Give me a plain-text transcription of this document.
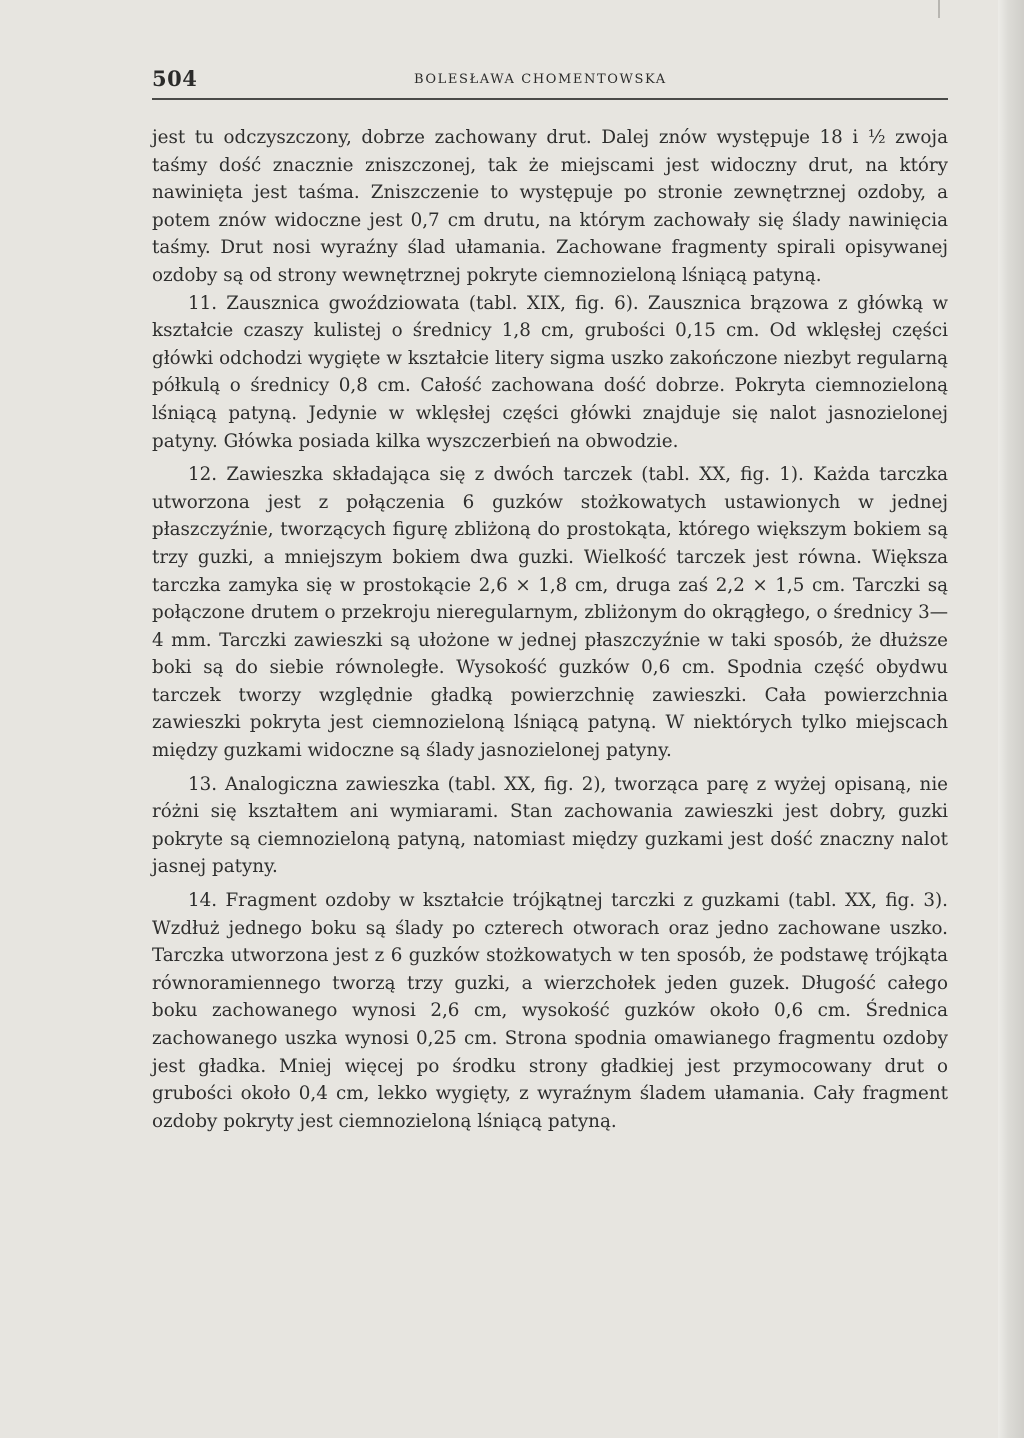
504	BOLESŁAWA CHOMENTOWSKA

jest tu odczyszczony, dobrze zachowany drut. Dalej znów występuje 18 i ½ zwoja taśmy dość znacznie zniszczonej, tak że miejscami jest widoczny drut, na który nawinięta jest taśma. Zniszczenie to występuje po stronie zewnętrznej ozdoby, a potem znów widoczne jest 0,7 cm drutu, na którym zachowały się ślady nawinięcia taśmy. Drut nosi wyraźny ślad ułamania. Zachowane fragmenty spirali opisywanej ozdoby są od strony wewnętrznej pokryte ciemnozieloną lśniącą patyną.

11. Zausznica gwoździowata (tabl. XIX, fig. 6). Zausznica brązowa z główką w kształcie czaszy kulistej o średnicy 1,8 cm, grubości 0,15 cm. Od wklęsłej części główki odchodzi wygięte w kształcie litery sigma uszko zakończone niezbyt regularną półkulą o średnicy 0,8 cm. Całość zachowana dość dobrze. Pokryta ciemnozieloną lśniącą patyną. Jedynie w wklęsłej części główki znajduje się nalot jasnozielonej patyny. Główka posiada kilka wyszczerbień na obwodzie.

12. Zawieszka składająca się z dwóch tarczek (tabl. XX, fig. 1). Każda tarczka utworzona jest z połączenia 6 guzków stożkowatych ustawionych w jednej płaszczyźnie, tworzących figurę zbliżoną do prostokąta, którego większym bokiem są trzy guzki, a mniejszym bokiem dwa guzki. Wielkość tarczek jest równa. Większa tarczka zamyka się w prostokącie 2,6 × 1,8 cm, druga zaś 2,2 × 1,5 cm. Tarczki są połączone drutem o przekroju nieregularnym, zbliżonym do okrągłego, o średnicy 3—4 mm. Tarczki zawieszki są ułożone w jednej płaszczyźnie w taki sposób, że dłuższe boki są do siebie równoległe. Wysokość guzków 0,6 cm. Spodnia część obydwu tarczek tworzy względnie gładką powierzchnię zawieszki. Cała powierzchnia zawieszki pokryta jest ciemnozieloną lśniącą patyną. W niektórych tylko miejscach między guzkami widoczne są ślady jasnozielonej patyny.

13. Analogiczna zawieszka (tabl. XX, fig. 2), tworząca parę z wyżej opisaną, nie różni się kształtem ani wymiarami. Stan zachowania zawieszki jest dobry, guzki pokryte są ciemnozieloną patyną, natomiast między guzkami jest dość znaczny nalot jasnej patyny.

14. Fragment ozdoby w kształcie trójkątnej tarczki z guzkami (tabl. XX, fig. 3). Wzdłuż jednego boku są ślady po czterech otworach oraz jedno zachowane uszko. Tarczka utworzona jest z 6 guzków stożkowatych w ten sposób, że podstawę trójkąta równoramiennego tworzą trzy guzki, a wierzchołek jeden guzek. Długość całego boku zachowanego wynosi 2,6 cm, wysokość guzków około 0,6 cm. Średnica zachowanego uszka wynosi 0,25 cm. Strona spodnia omawianego fragmentu ozdoby jest gładka. Mniej więcej po środku strony gładkiej jest przymocowany drut o grubości około 0,4 cm, lekko wygięty, z wyraźnym śladem ułamania. Cały fragment ozdoby pokryty jest ciemnozieloną lśniącą patyną.
